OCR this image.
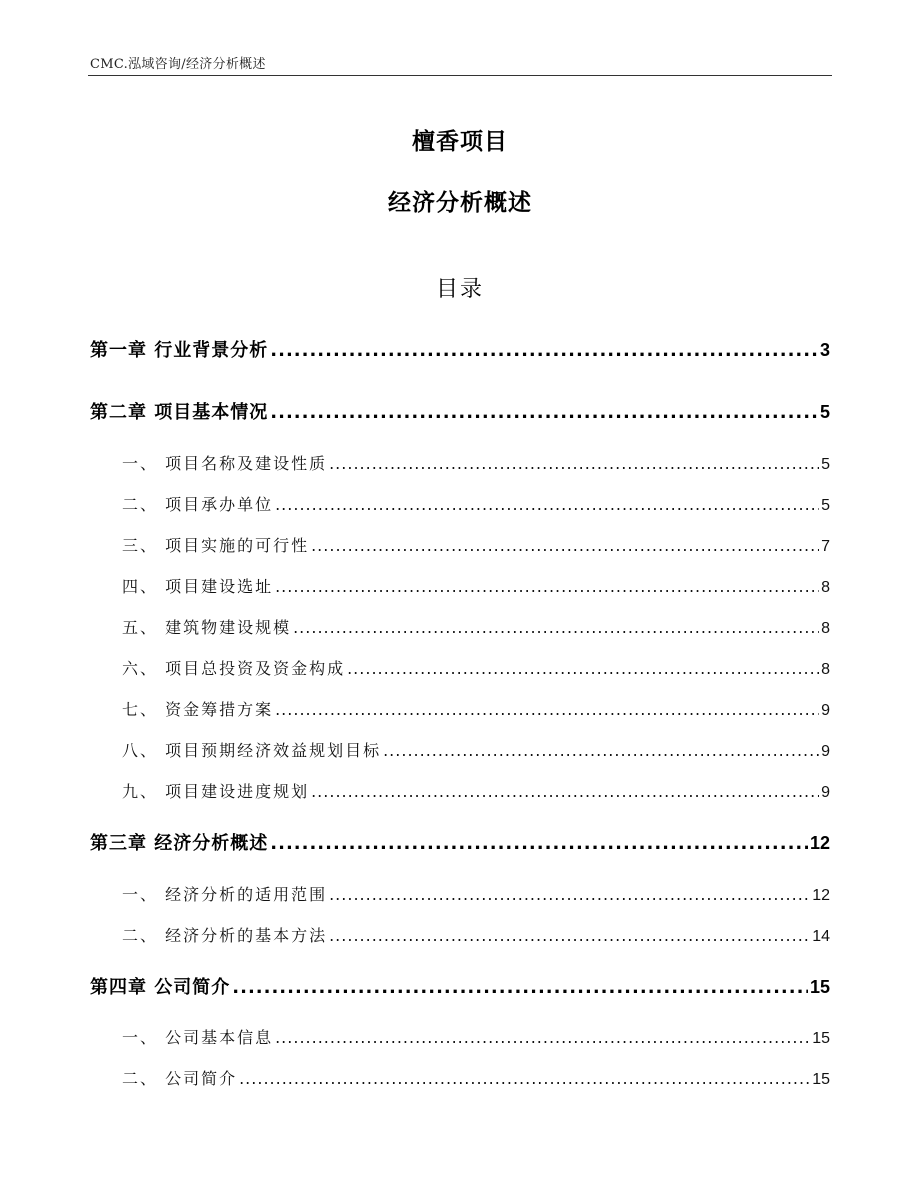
CMC.泓域咨询/经济分析概述
檀香项目
经济分析概述
目录
第一章 行业背景分析 .....	3
第二章 项目基本情况 .....	5
一、 项目名称及建设性质 .....	5
二、 项目承办单位 .....	5
三、 项目实施的可行性 .....	7
四、 项目建设选址 .....	8
五、 建筑物建设规模 .....	8
六、 项目总投资及资金构成 .....	8
七、 资金筹措方案 .....	9
八、 项目预期经济效益规划目标 .....	9
九、 项目建设进度规划 .....	9
第三章 经济分析概述 .....	12
一、 经济分析的适用范围 .....	12
二、 经济分析的基本方法 .....	14
第四章 公司简介 .....	15
一、 公司基本信息 .....	15
二、 公司简介 .....	15
